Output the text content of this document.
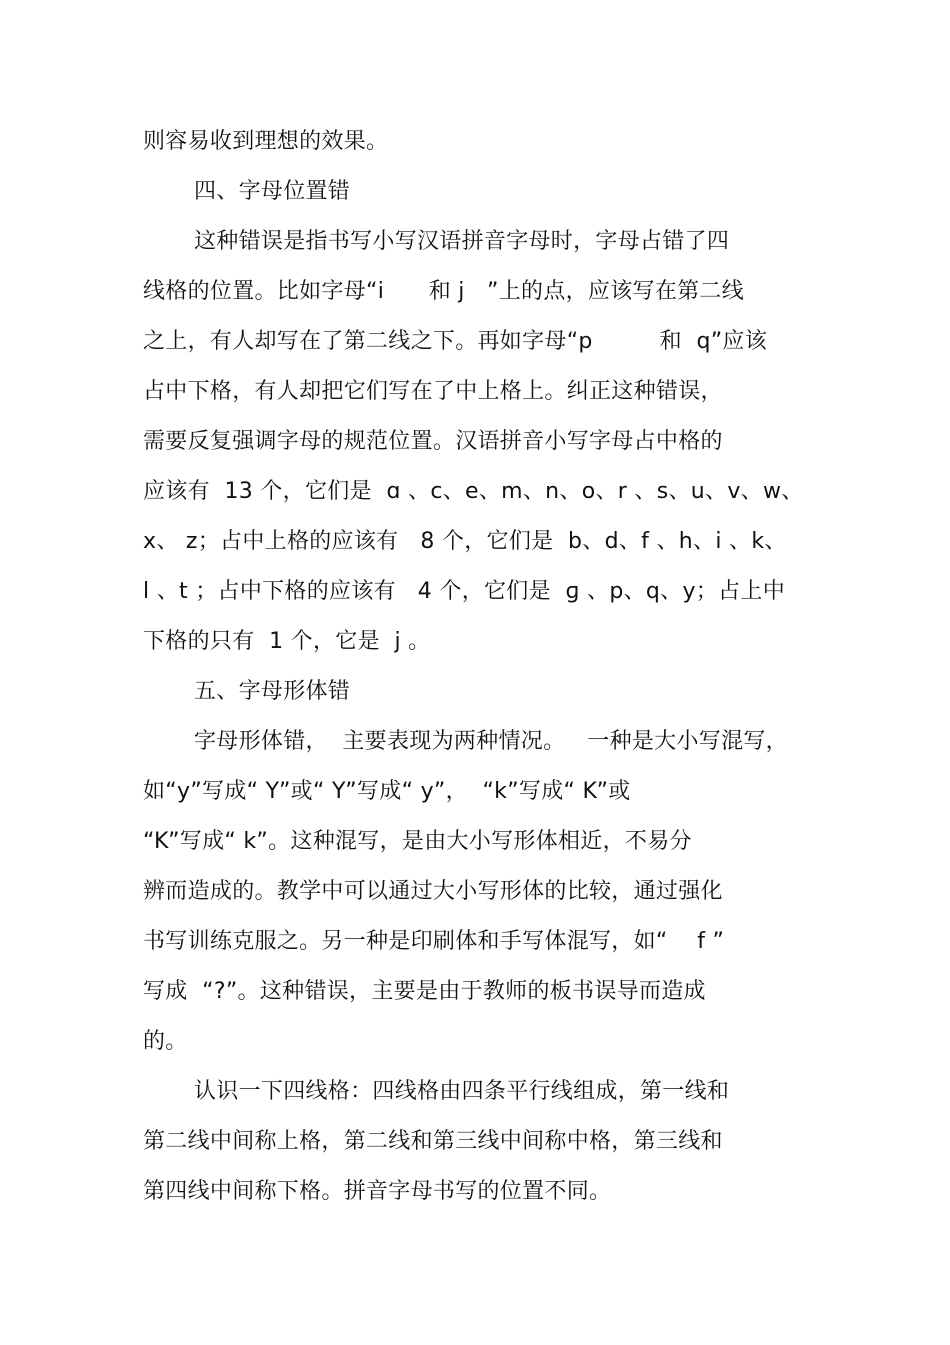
则容易收到理想的效果。
四、字母位置错
这种错误是指书写小写汉语拼音字母时，字母占错了四
线格的位置。比如字母“i　　和 j　”上的点，应该写在第二线
之上，有人却写在了第二线之下。再如字母“p　　　和  q”应该
占中下格，有人却把它们写在了中上格上。纠正这种错误，
需要反复强调字母的规范位置。汉语拼音小写字母占中格的
应该有  13 个，它们是  ɑ 、c、e、m、n、o、r 、s、u、v、w、
x、 z；占中上格的应该有   8 个，它们是  b、d、f 、h、i 、k、
l 、t ；占中下格的应该有   4 个，它们是  ɡ 、p、q、y；占上中
下格的只有  1 个，它是  j 。
五、字母形体错
字母形体错，  主要表现为两种情况。   一种是大小写混写，
如“y”写成“ Y”或“ Y”写成“ y”，  “k”写成“ K”或
“K”写成“ k”。这种混写，是由大小写形体相近，不易分
辨而造成的。教学中可以通过大小写形体的比较，通过强化
书写训练克服之。另一种是印刷体和手写体混写，如“　 f ”
写成  “?”。这种错误，主要是由于教师的板书误导而造成
的。
认识一下四线格：四线格由四条平行线组成，第一线和
第二线中间称上格，第二线和第三线中间称中格，第三线和
第四线中间称下格。拼音字母书写的位置不同。
